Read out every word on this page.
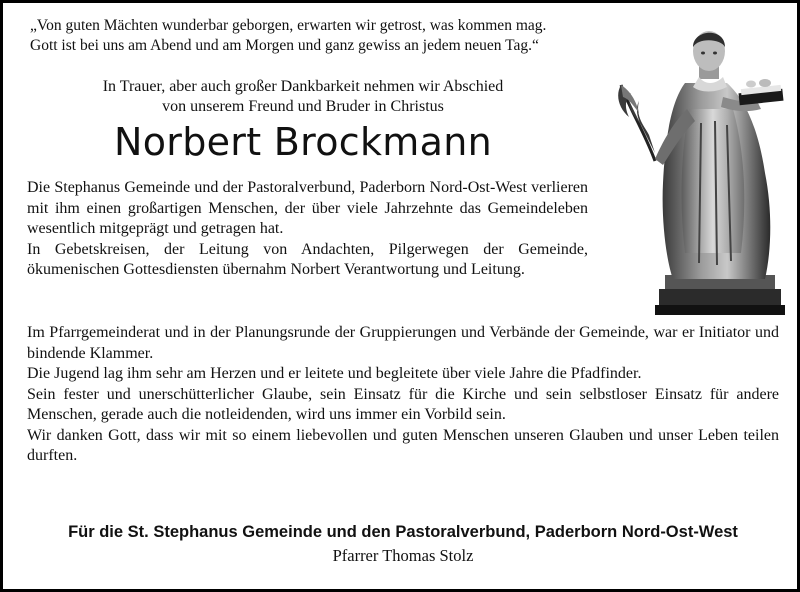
„Von guten Mächten wunderbar geborgen, erwarten wir getrost, was kommen mag.
Gott ist bei uns am Abend und am Morgen und ganz gewiss an jedem neuen Tag.“
In Trauer, aber auch großer Dankbarkeit nehmen wir Abschied
von unserem Freund und Bruder in Christus
Norbert Brockmann

Die Stephanus Gemeinde und der Pastoralverbund, Paderborn Nord-Ost-West verlieren mit ihm einen großartigen Menschen, der über viele Jahrzehnte das Gemeindeleben wesentlich mitgeprägt und getragen hat.

In Gebetskreisen, der Leitung von Andachten, Pilgerwegen der Gemeinde, ökumenischen Gottesdiensten übernahm Norbert Verantwortung und Leitung.

Im Pfarrgemeinderat und in der Planungsrunde der Gruppierungen und Verbände der Gemeinde, war er Initiator und bindende Klammer.

Die Jugend lag ihm sehr am Herzen und er leitete und begleitete über viele Jahre die Pfadfinder.

Sein fester und unerschütterlicher Glaube, sein Einsatz für die Kirche und sein selbstloser Einsatz für andere Menschen, gerade auch die notleidenden, wird uns immer ein Vorbild sein.

Wir danken Gott, dass wir mit so einem liebevollen und guten Menschen unseren Glauben und unser Leben teilen durften.

Für die St. Stephanus Gemeinde und den Pastoralverbund, Paderborn Nord-Ost-West
Pfarrer Thomas Stolz
